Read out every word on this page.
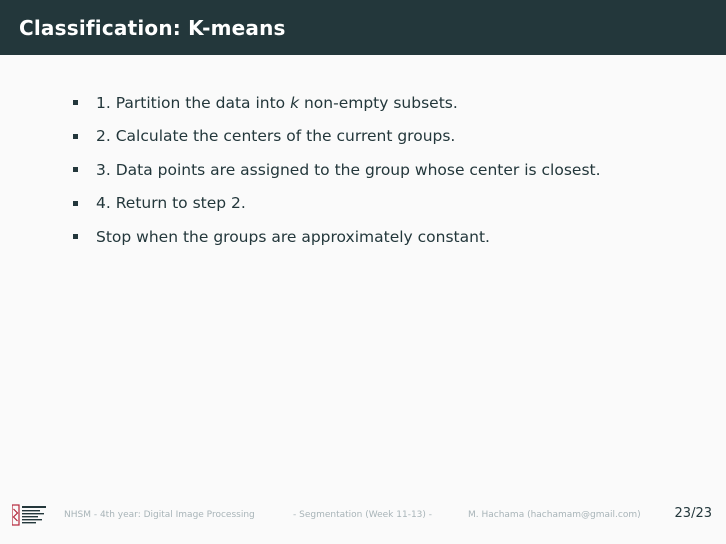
Classification: K-means
1. Partition the data into k non-empty subsets.
2. Calculate the centers of the current groups.
3. Data points are assigned to the group whose center is closest.
4. Return to step 2.
Stop when the groups are approximately constant.
NHSM - 4th year: Digital Image Processing	- Segmentation (Week 11-13) -	M. Hachama (hachamam@gmail.com)	23/23
